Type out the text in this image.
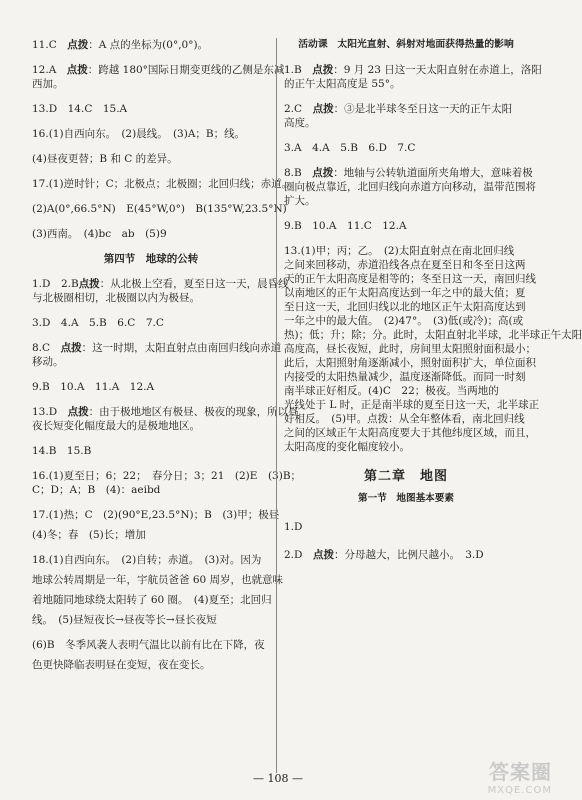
11.C　点拨：A 点的坐标为(0°,0°)。
12.A　点拨：跨越 180°国际日期变更线的乙侧是东减
西加。
13.D　14.C　15.A
16.(1)自西向东。　(2)晨线。　(3)A；B；线。
(4)昼夜更替；B 和 C 的差异。
17.(1)逆时针；C；北极点；北极圈；北回归线；赤道。
(2)A(0°,66.5°N)　E(45°W,0°)　B(135°W,23.5°N)
(3)西南。　(4)bc　ab　(5)9
第四节　地球的公转
1.D　2.B点拨：从北极上空看，夏至日这一天，晨昏线
与北极圈相切，北极圈以内为极昼。
3.D　4.A　5.B　6.C　7.C
8.C　点拨：这一时期，太阳直射点由南回归线向赤道
移动。
9.B　10.A　11.A　12.A
13.D　点拨：由于极地地区有极昼、极夜的现象，所以昼
夜长短变化幅度最大的是极地地区。
14.B　15.B
16.(1)夏至日；6；22；　春分日；3；21　(2)E　(3)B；
C；D；A；B　(4)：aeibd
17.(1)热；C　(2)(90°E,23.5°N)；B　(3)甲；极昼
(4)冬；春　(5)长；增加
18.(1)自西向东。　(2)自转；赤道。　(3)对。因为
地球公转周期是一年，宇航员爸爸 60 周岁，也就意味
着地随同地球绕太阳转了 60 圈。　(4)夏至；北回归
线。　(5)昼短夜长→昼夜等长→昼长夜短
(6)B　冬季风袭人表明气温比以前有比在下降，夜
色更快降临表明昼在变短，夜在变长。
活动课　太阳光直射、斜射对地面获得热量的影响
1.B　点拨：9 月 23 日这一天太阳直射在赤道上，洛阳
的正午太阳高度是 55°。
2.C　点拨：③是北半球冬至日这一天的正午太阳
高度。
3.A　4.A　5.B　6.D　7.C
8.B　点拨：地轴与公转轨道面所夹角增大，意味着极
圈向极点靠近，北回归线向赤道方向移动，温带范围将
扩大。
9.B　10.A　11.C　12.A
13.(1)甲；丙；乙。　(2)太阳直射点在南北回归线
之间来回移动，赤道沿线各点在夏至日和冬至日这两
天的正午太阳高度是相等的；冬至日这一天，南回归线
以南地区的正午太阳高度达到一年之中的最大值；夏
至日这一天，北回归线以北的地区正午太阳高度达到
一年之中的最大值。　(2)47°。　(3)低(或冷)；高(或
热)；低；升；除；分。此时，太阳直射北半球，北半球正午太阳
高度高，昼长夜短，此时，房间里太阳照射面积最小；
此后，太阳照射角逐渐减小，照射面积扩大，单位面积
内接受的太阳热量减少，温度逐渐降低。而同一时刻
南半球正好相反。(4)C　22；极夜。当两地的
光线处于 L 时，正是南半球的夏至日这一天，北半球正
好相反。　(5)甲。点拨：从全年整体看，南北回归线
之间的区域正午太阳高度要大于其他纬度区域，而且，
太阳高度的变化幅度较小。
第二章　地图
第一节　地图基本要素
1.D
2.D　点拨：分母越大，比例尺越小。　3.D
— 108 —	答案圈
MXQE.COM
